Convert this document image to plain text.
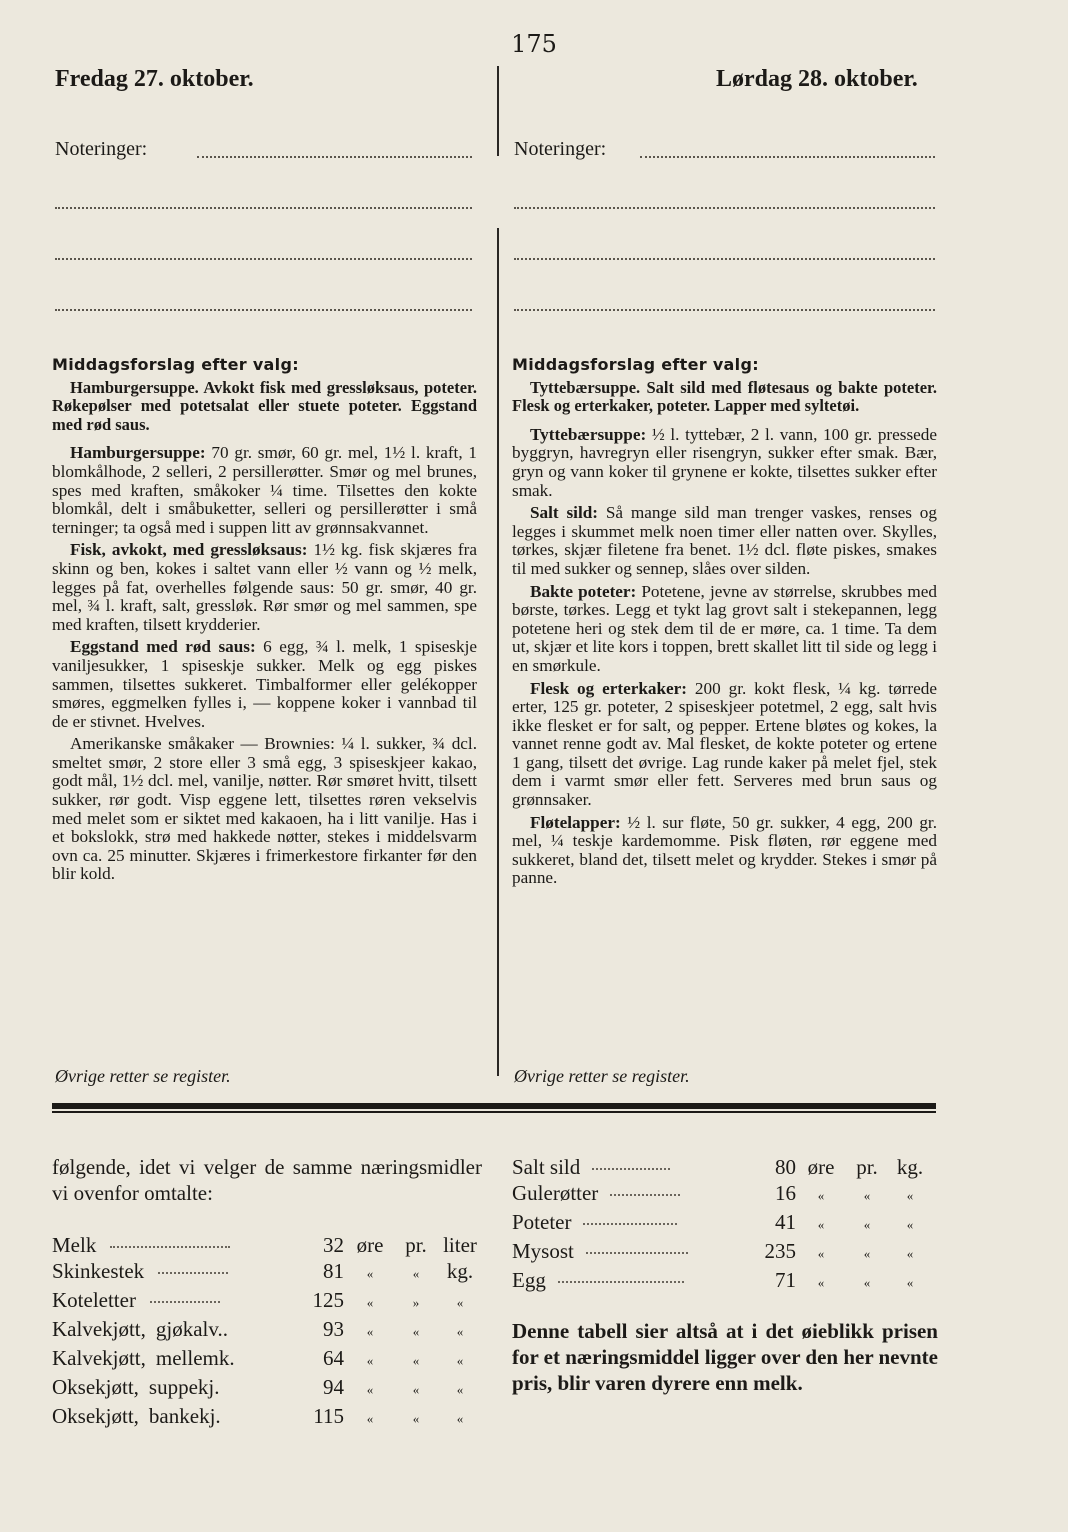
175
Fredag 27. oktober.	Lørdag 28. oktober.
Noteringer:	Noteringer:
Middagsforslag efter valg:

Hamburgersuppe. Avkokt fisk med gressløksaus, poteter. Røkepølser med potetsalat eller stuete poteter. Eggstand med rød saus.

Hamburgersuppe: 70 gr. smør, 60 gr. mel, 1½ l. kraft, 1 blomkålhode, 2 selleri, 2 persillerøtter. Smør og mel brunes, spes med kraften, småkoker ¼ time. Tilsettes den kokte blomkål, delt i småbuketter, selleri og persillerøtter i små terninger; ta også med i suppen litt av grønnsakvannet.

Fisk, avkokt, med gressløksaus: 1½ kg. fisk skjæres fra skinn og ben, kokes i saltet vann eller ½ vann og ½ melk, legges på fat, overhelles følgende saus: 50 gr. smør, 40 gr. mel, ¾ l. kraft, salt, gressløk. Rør smør og mel sammen, spe med kraften, tilsett krydderier.

Eggstand med rød saus: 6 egg, ¾ l. melk, 1 spiseskje vaniljesukker, 1 spiseskje sukker. Melk og egg piskes sammen, tilsettes sukkeret. Timbalformer eller gelékopper smøres, eggmelken fylles i, — koppene koker i vannbad til de er stivnet. Hvelves.

Amerikanske småkaker — Brownies: ¼ l. sukker, ¾ dcl. smeltet smør, 2 store eller 3 små egg, 3 spiseskjeer kakao, godt mål, 1½ dcl. mel, vanilje, nøtter. Rør smøret hvitt, tilsett sukker, rør godt. Visp eggene lett, tilsettes røren vekselvis med melet som er siktet med kakaoen, ha i litt vanilje. Has i et bokslokk, strø med hakkede nøtter, stekes i middelsvarm ovn ca. 25 minutter. Skjæres i frimerkestore firkanter før den blir kold.

Middagsforslag efter valg:

Tyttebærsuppe. Salt sild med fløtesaus og bakte poteter. Flesk og erterkaker, poteter. Lapper med syltetøi.

Tyttebærsuppe: ½ l. tyttebær, 2 l. vann, 100 gr. pressede byggryn, havregryn eller risengryn, sukker efter smak. Bær, gryn og vann koker til grynene er kokte, tilsettes sukker efter smak.

Salt sild: Så mange sild man trenger vaskes, renses og legges i skummet melk noen timer eller natten over. Skylles, tørkes, skjær filetene fra benet. 1½ dcl. fløte piskes, smakes til med sukker og sennep, slåes over silden.

Bakte poteter: Potetene, jevne av størrelse, skrubbes med børste, tørkes. Legg et tykt lag grovt salt i stekepannen, legg potetene heri og stek dem til de er møre, ca. 1 time. Ta dem ut, skjær et lite kors i toppen, brett skallet litt til side og legg i en smørkule.

Flesk og erterkaker: 200 gr. kokt flesk, ¼ kg. tørrede erter, 125 gr. poteter, 2 spiseskjeer potetmel, 2 egg, salt hvis ikke flesket er for salt, og pepper. Ertene bløtes og kokes, la vannet renne godt av. Mal flesket, de kokte poteter og ertene 1 gang, tilsett det øvrige. Lag runde kaker på melet fjel, stek dem i varmt smør eller fett. Serveres med brun saus og grønnsaker.

Fløtelapper: ½ l. sur fløte, 50 gr. sukker, 4 egg, 200 gr. mel, ¼ teskje kardemomme. Pisk fløten, rør eggene med sukkeret, bland det, tilsett melet og krydder. Stekes i smør på panne.

Øvrige retter se register.	Øvrige retter se register.
følgende, idet vi velger de samme næringsmidler vi ovenfor omtalte:
Melk	32	øre	pr.	liter
Skinkestek	81	«	«	kg.
Koteletter	125	«	»	«
Kalvekjøtt, gjøkalv..	93	«	«	«
Kalvekjøtt, mellemk.	64	«	«	«
Oksekjøtt, suppekj.	94	«	«	«
Oksekjøtt, bankekj.	115	«	«	«
Salt sild	80	øre	pr.	kg.
Gulerøtter	16	«	«	«
Poteter	41	«	«	«
Mysost	235	«	«	«
Egg	71	«	«	«
Denne tabell sier altså at i det øieblikk prisen for et næringsmiddel ligger over den her nevnte pris, blir varen dyrere enn melk.
